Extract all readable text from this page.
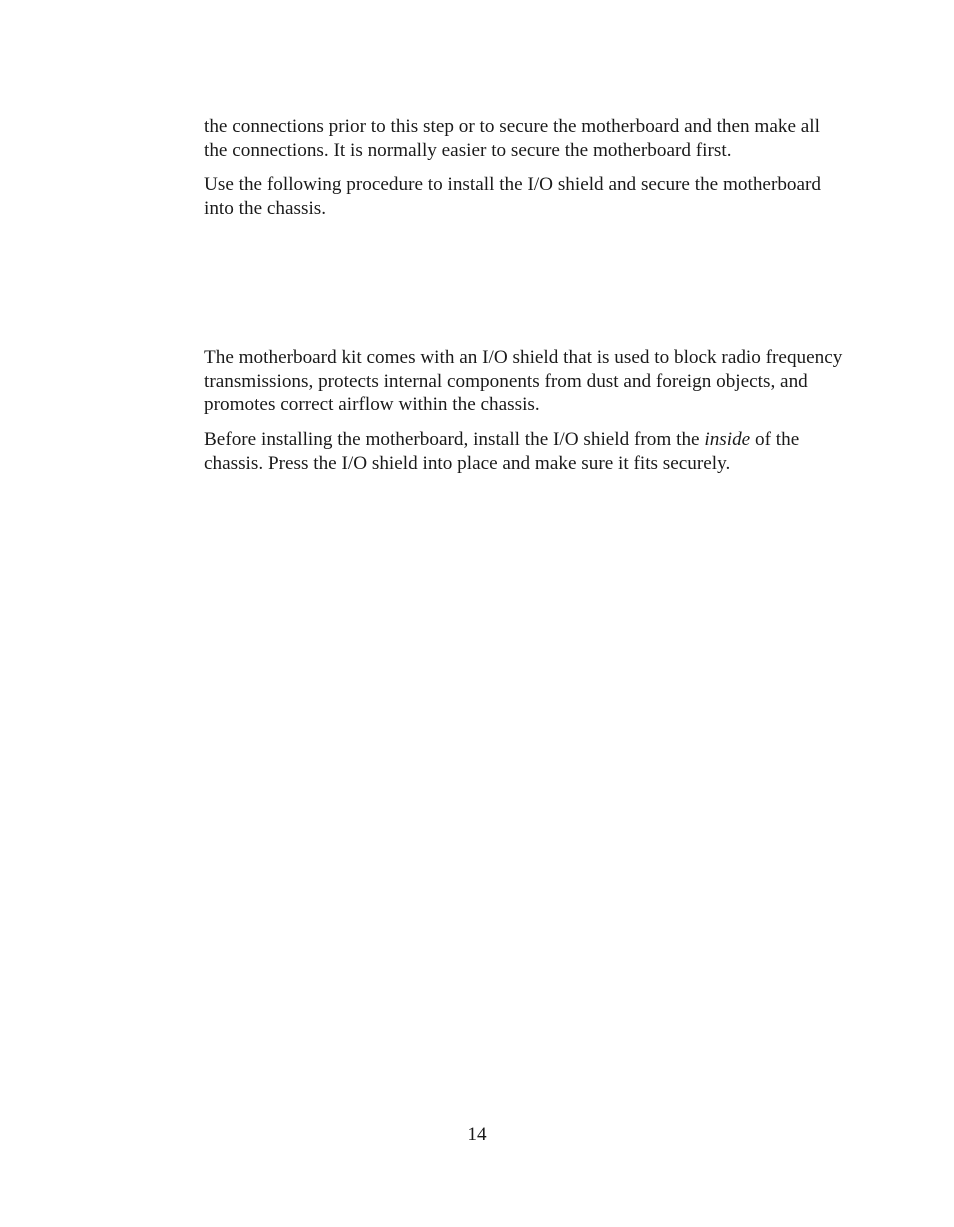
the connections prior to this step or to secure the motherboard and then make all the connections. It is normally easier to secure the motherboard first.

Use the following procedure to install the I/O shield and secure the motherboard into the chassis.

The motherboard kit comes with an I/O shield that is used to block radio frequency transmissions, protects internal components from dust and foreign objects, and promotes correct airflow within the chassis.

Before installing the motherboard, install the I/O shield from the inside of the chassis. Press the I/O shield into place and make sure it fits securely.

14
